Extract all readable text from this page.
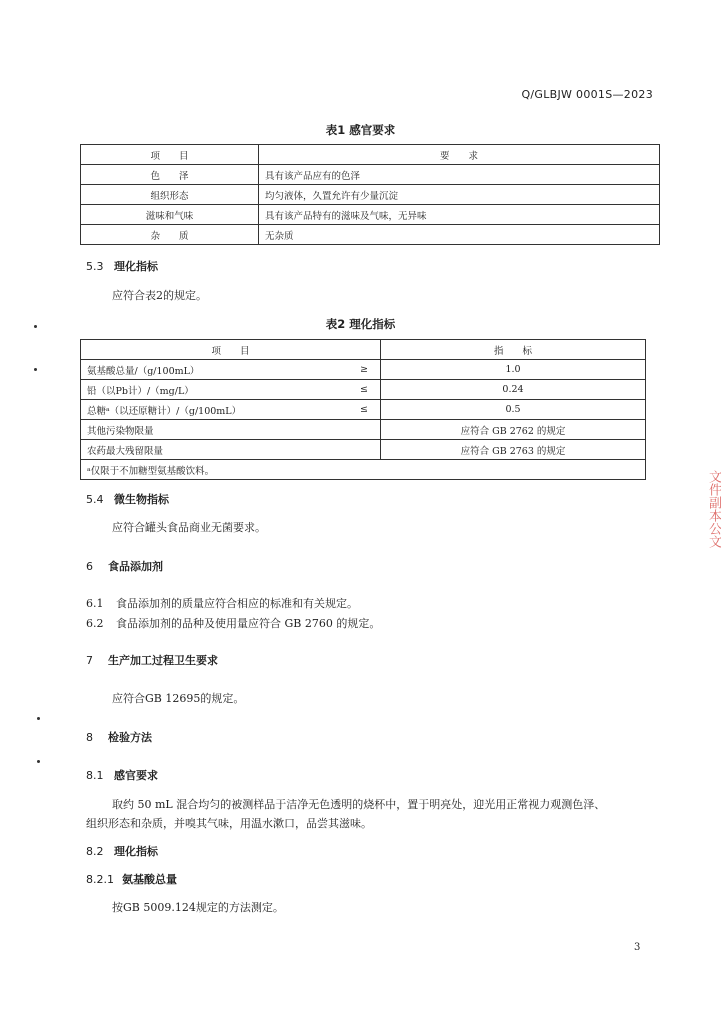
Q/GLBJW 0001S—2023
表1 感官要求
项　　目	要　　求
色　　泽	具有该产品应有的色泽
组织形态	均匀液体，久置允许有少量沉淀
滋味和气味	具有该产品特有的滋味及气味，无异味
杂　　质	无杂质
5.3 理化指标
应符合表2的规定。
表2 理化指标
项　　目		指　　标
氨基酸总量/（g/100mL）	≥	1.0
铅（以Pb计）/（mg/L）	≤	0.24
总糖ᵃ（以还原糖计）/（g/100mL）	≤	0.5
其他污染物限量		应符合 GB 2762 的规定
农药最大残留限量		应符合 GB 2763 的规定
ᵃ仅限于不加糖型氨基酸饮料。		
5.4 微生物指标
应符合罐头食品商业无菌要求。
6 食品添加剂
6.1 食品添加剂的质量应符合相应的标准和有关规定。
6.2 食品添加剂的品种及使用量应符合 GB 2760 的规定。
7 生产加工过程卫生要求
应符合GB 12695的规定。
8 检验方法
8.1 感官要求
取约 50 mL 混合均匀的被测样品于洁净无色透明的烧杯中，置于明亮处，迎光用正常视力观测色泽、
组织形态和杂质，并嗅其气味，用温水漱口，品尝其滋味。
8.2 理化指标
8.2.1 氨基酸总量
按GB 5009.124规定的方法测定。
3
文件副本公文
